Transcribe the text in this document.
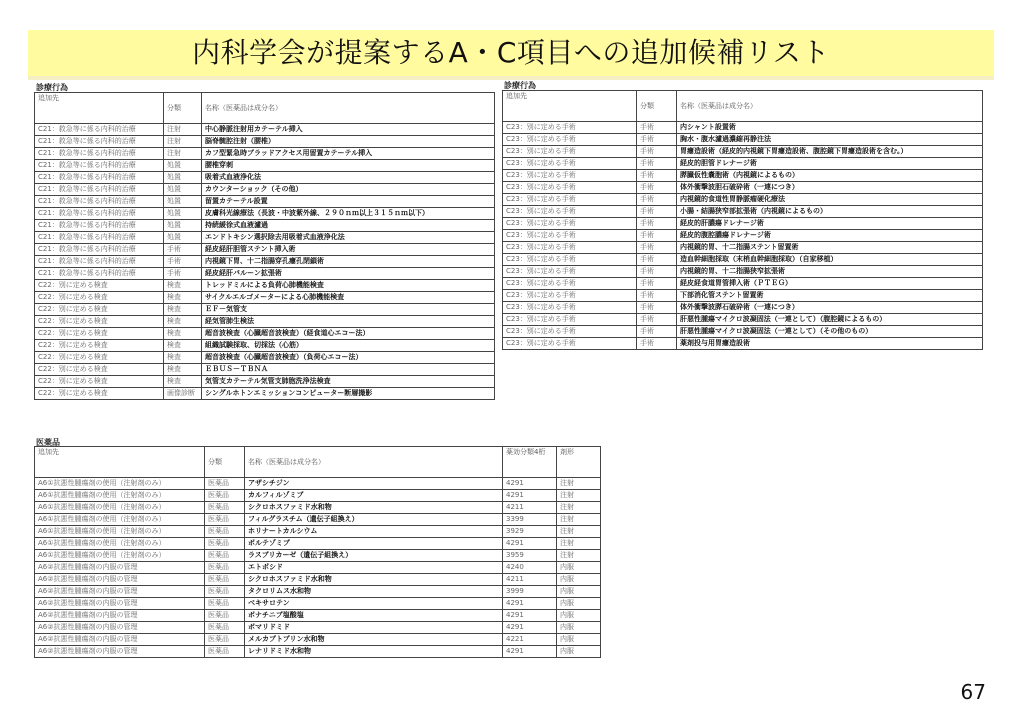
内科学会が提案するA・C項目への追加候補リスト
診療行為
追加先	分類	名称（医薬品は成分名）
C21：救急等に係る内科的治療	注射	中心静脈注射用カテーテル挿入
C21：救急等に係る内科的治療	注射	脳脊髄腔注射（腰椎）
C21：救急等に係る内科的治療	注射	カフ型緊急時ブラッドアクセス用留置カテーテル挿入
C21：救急等に係る内科的治療	処置	腰椎穿刺
C21：救急等に係る内科的治療	処置	吸着式血液浄化法
C21：救急等に係る内科的治療	処置	カウンターショック（その他）
C21：救急等に係る内科的治療	処置	留置カテーテル設置
C21：救急等に係る内科的治療	処置	皮膚科光線療法（長波・中波紫外線、２９０ｎｍ以上３１５ｎｍ以下）
C21：救急等に係る内科的治療	処置	持続緩徐式血液濾過
C21：救急等に係る内科的治療	処置	エンドトキシン選択除去用吸着式血液浄化法
C21：救急等に係る内科的治療	手術	経皮経肝胆管ステント挿入術
C21：救急等に係る内科的治療	手術	内視鏡下胃、十二指腸穿孔瘻孔閉鎖術
C21：救急等に係る内科的治療	手術	経皮経肝バルーン拡張術
C22：別に定める検査	検査	トレッドミルによる負荷心肺機能検査
C22：別に定める検査	検査	サイクルエルゴメーターによる心肺機能検査
C22：別に定める検査	検査	ＥＦ－気管支
C22：別に定める検査	検査	経気管肺生検法
C22：別に定める検査	検査	超音波検査（心臓超音波検査）（経食道心エコー法）
C22：別に定める検査	検査	組織試験採取、切採法（心筋）
C22：別に定める検査	検査	超音波検査（心臓超音波検査）（負荷心エコー法）
C22：別に定める検査	検査	ＥＢＵＳ－ＴＢＮＡ
C22：別に定める検査	検査	気管支カテーテル気管支肺胞洗浄法検査
C22：別に定める検査	画像診断	シングルホトンエミッションコンピューター断層撮影
診療行為
追加先	分類	名称（医薬品は成分名）
C23：別に定める手術	手術	内シャント設置術
C23：別に定める手術	手術	胸水・腹水濾過濃縮再静注法
C23：別に定める手術	手術	胃瘻造設術（経皮的内視鏡下胃瘻造設術、腹腔鏡下胃瘻造設術を含む。）
C23：別に定める手術	手術	経皮的胆管ドレナージ術
C23：別に定める手術	手術	膵臓仮性嚢胞術（内視鏡によるもの）
C23：別に定める手術	手術	体外衝撃波胆石破砕術（一連につき）
C23：別に定める手術	手術	内視鏡的食道性胃静脈瘤硬化療法
C23：別に定める手術	手術	小腸・結腸狭窄部拡張術（内視鏡によるもの）
C23：別に定める手術	手術	経皮的肝膿瘍ドレナージ術
C23：別に定める手術	手術	経皮的腹腔膿瘍ドレナージ術
C23：別に定める手術	手術	内視鏡的胃、十二指腸ステント留置術
C23：別に定める手術	手術	造血幹細胞採取（末梢血幹細胞採取）（自家移植）
C23：別に定める手術	手術	内視鏡的胃、十二指腸狭窄拡張術
C23：別に定める手術	手術	経皮経食道胃管挿入術（ＰＴＥＧ）
C23：別に定める手術	手術	下部消化管ステント留置術
C23：別に定める手術	手術	体外衝撃波膵石破砕術（一連につき）
C23：別に定める手術	手術	肝悪性腫瘍マイクロ波凝固法（一連として）（腹腔鏡によるもの）
C23：別に定める手術	手術	肝悪性腫瘍マイクロ波凝固法（一連として）（その他のもの）
C23：別に定める手術	手術	薬剤投与用胃瘻造設術
医薬品
追加先	分類	名称（医薬品は成分名）	薬効分類4桁	剤形
A6①抗悪性腫瘍剤の使用（注射剤のみ）	医薬品	アザシチジン	4291	注射
A6①抗悪性腫瘍剤の使用（注射剤のみ）	医薬品	カルフィルゾミブ	4291	注射
A6①抗悪性腫瘍剤の使用（注射剤のみ）	医薬品	シクロホスファミド水和物	4211	注射
A6①抗悪性腫瘍剤の使用（注射剤のみ）	医薬品	フィルグラスチム（遺伝子組換え）	3399	注射
A6①抗悪性腫瘍剤の使用（注射剤のみ）	医薬品	ホリナートカルシウム	3929	注射
A6①抗悪性腫瘍剤の使用（注射剤のみ）	医薬品	ボルテゾミブ	4291	注射
A6①抗悪性腫瘍剤の使用（注射剤のみ）	医薬品	ラスブリカーゼ（遺伝子組換え）	3959	注射
A6②抗悪性腫瘍剤の内服の管理	医薬品	エトポシド	4240	内服
A6②抗悪性腫瘍剤の内服の管理	医薬品	シクロホスファミド水和物	4211	内服
A6②抗悪性腫瘍剤の内服の管理	医薬品	タクロリムス水和物	3999	内服
A6②抗悪性腫瘍剤の内服の管理	医薬品	ベキサロテン	4291	内服
A6②抗悪性腫瘍剤の内服の管理	医薬品	ボナチニブ塩酸塩	4291	内服
A6②抗悪性腫瘍剤の内服の管理	医薬品	ボマリドミド	4291	内服
A6②抗悪性腫瘍剤の内服の管理	医薬品	メルカプトプリン水和物	4221	内服
A6②抗悪性腫瘍剤の内服の管理	医薬品	レナリドミド水和物	4291	内服
67
